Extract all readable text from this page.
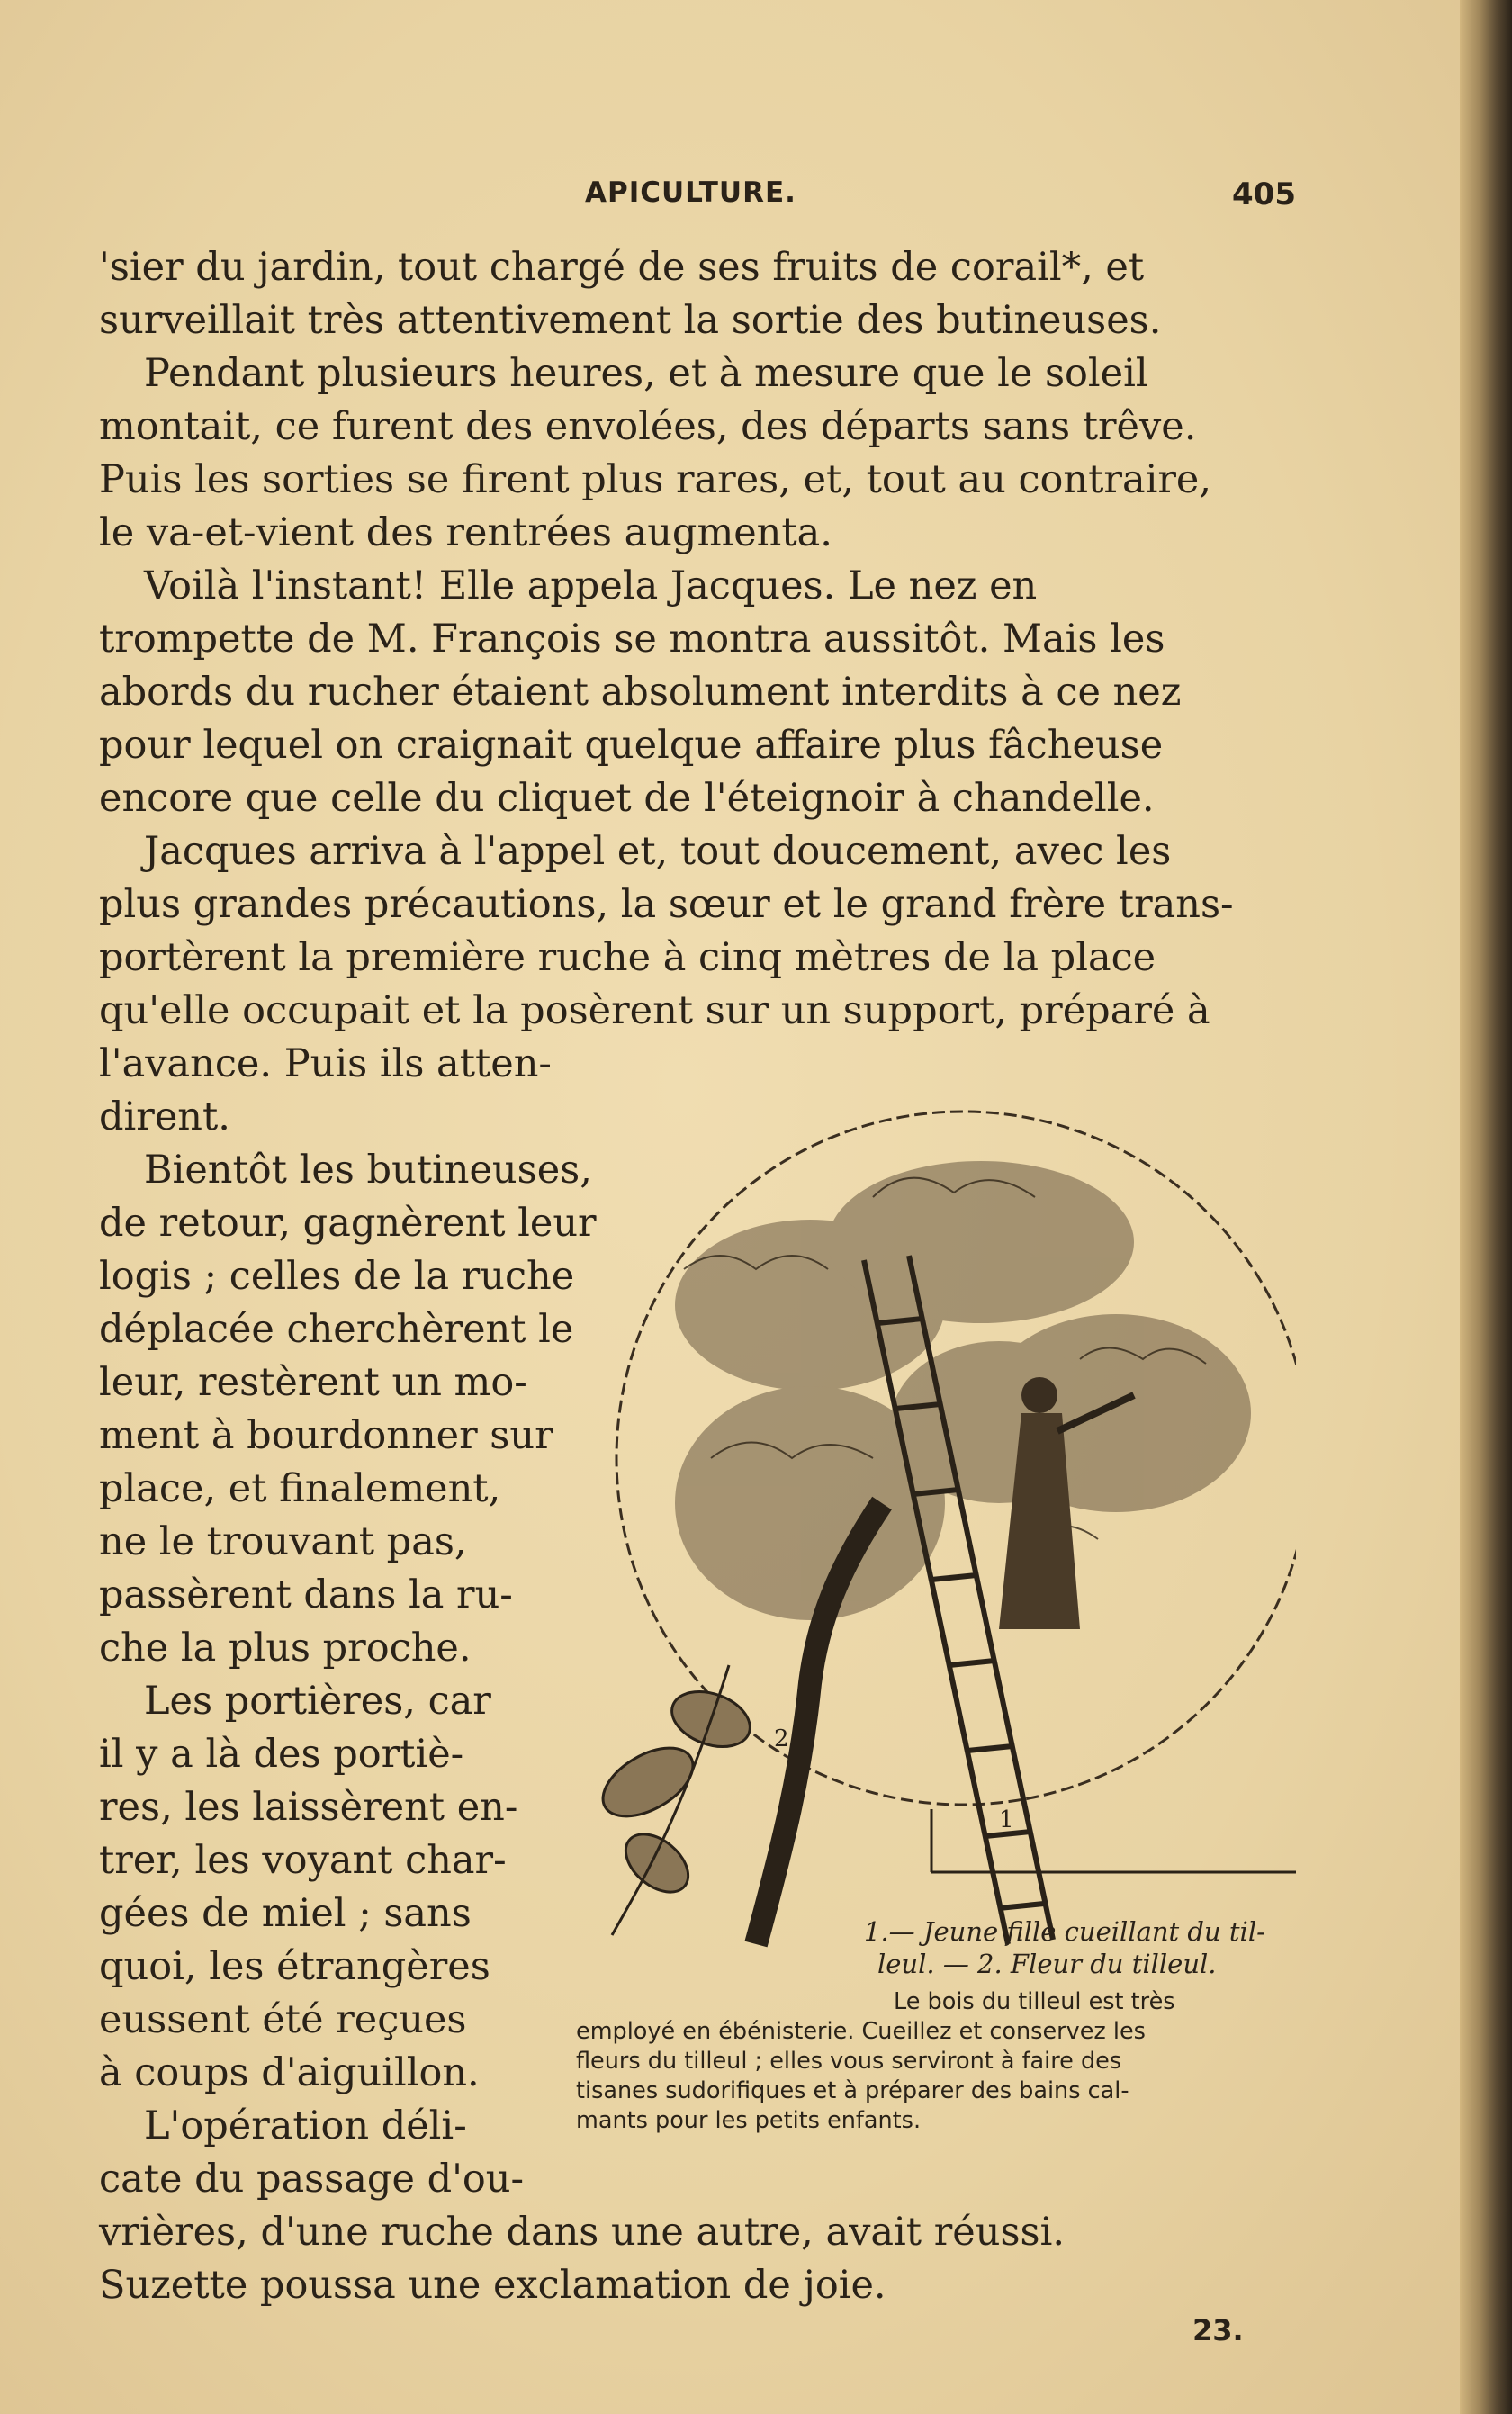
APICULTURE.	405
'sier du jardin, tout chargé de ses fruits de corail*, et
surveillait très attentivement la sortie des butineuses.
Pendant plusieurs heures, et à mesure que le soleil
montait, ce furent des envolées, des départs sans trêve.
Puis les sorties se firent plus rares, et, tout au contraire,
le va-et-vient des rentrées augmenta.
Voilà l'instant! Elle appela Jacques. Le nez en
trompette de M. François se montra aussitôt. Mais les
abords du rucher étaient absolument interdits à ce nez
pour lequel on craignait quelque affaire plus fâcheuse
encore que celle du cliquet de l'éteignoir à chandelle.
Jacques arriva à l'appel et, tout doucement, avec les
plus grandes précautions, la sœur et le grand frère trans-
portèrent la première ruche à cinq mètres de la place
qu'elle occupait et la posèrent sur un support, préparé à
l'avance. Puis ils atten-
dirent.
Bientôt les butineuses,
de retour, gagnèrent leur
logis ; celles de la ruche
déplacée cherchèrent le
leur, restèrent un mo-
ment à bourdonner sur
place, et finalement,
ne le trouvant pas,
passèrent dans la ru-
che la plus proche.
Les portières, car
il y a là des portiè-
res, les laissèrent en-
trer, les voyant char-
gées de miel ; sans
quoi, les étrangères
eussent été reçues
à coups d'aiguillon.
L'opération déli-
cate du passage d'ou-
vrières, d'une ruche dans une autre, avait réussi.
Suzette poussa une exclamation de joie.
2
1
1.— Jeune fille cueillant du til-
leul. — 2. Fleur du tilleul.
Le bois du tilleul est très
employé en ébénisterie. Cueillez et conservez les
fleurs du tilleul ; elles vous serviront à faire des
tisanes sudorifiques et à préparer des bains cal-
mants pour les petits enfants.
23.
